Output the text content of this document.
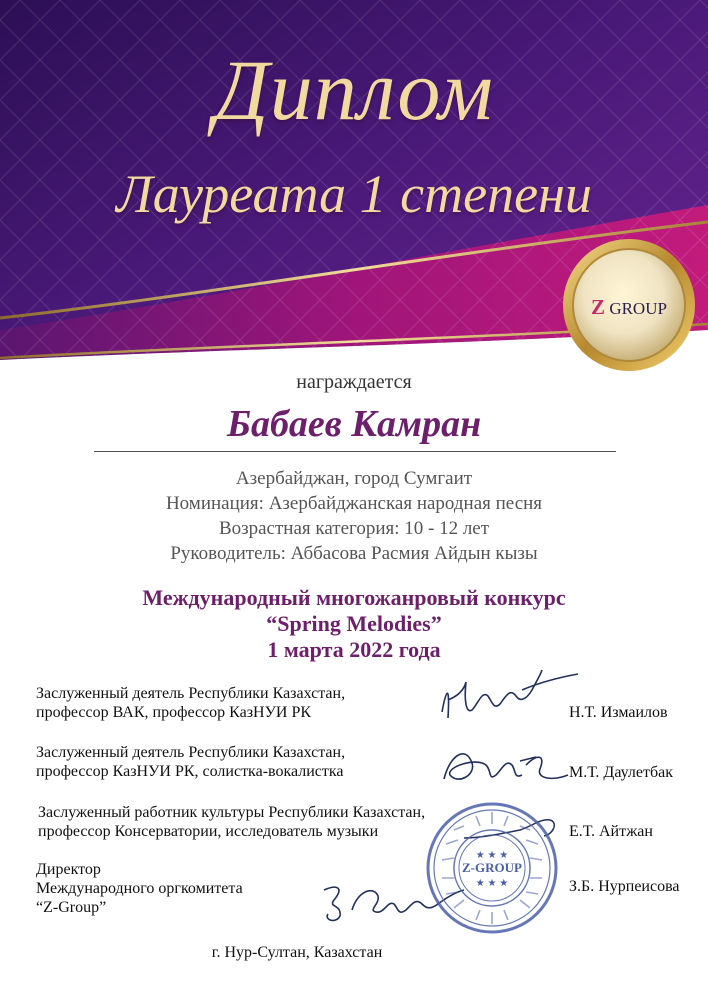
Диплом
Лауреата 1 степени
Z GROUP
награждается
Бабаев Камран
Азербайджан, город Сумгаит
Номинация: Азербайджанская народная песня
Возрастная категория: 10 - 12 лет
Руководитель: Аббасова Расмия Айдын кызы
Международный многожанровый конкурс
“Spring Melodies”
1 марта 2022 года
Заслуженный деятель Республики Казахстан,
профессор ВАК, профессор КазНУИ РК	Н.Т. Измаилов
Заслуженный деятель Республики Казахстан,
профессор КазНУИ РК, солистка-вокалистка	М.Т. Даулетбак
Заслуженный работник культуры Республики Казахстан,
профессор Консерватории, исследователь музыки	Е.Т. Айтжан
Директор
Международного оргкомитета
“Z-Group”
З.Б. Нурпеисова
★ ★ ★
Z-GROUP
★ ★ ★
г. Нур-Султан, Казахстан
